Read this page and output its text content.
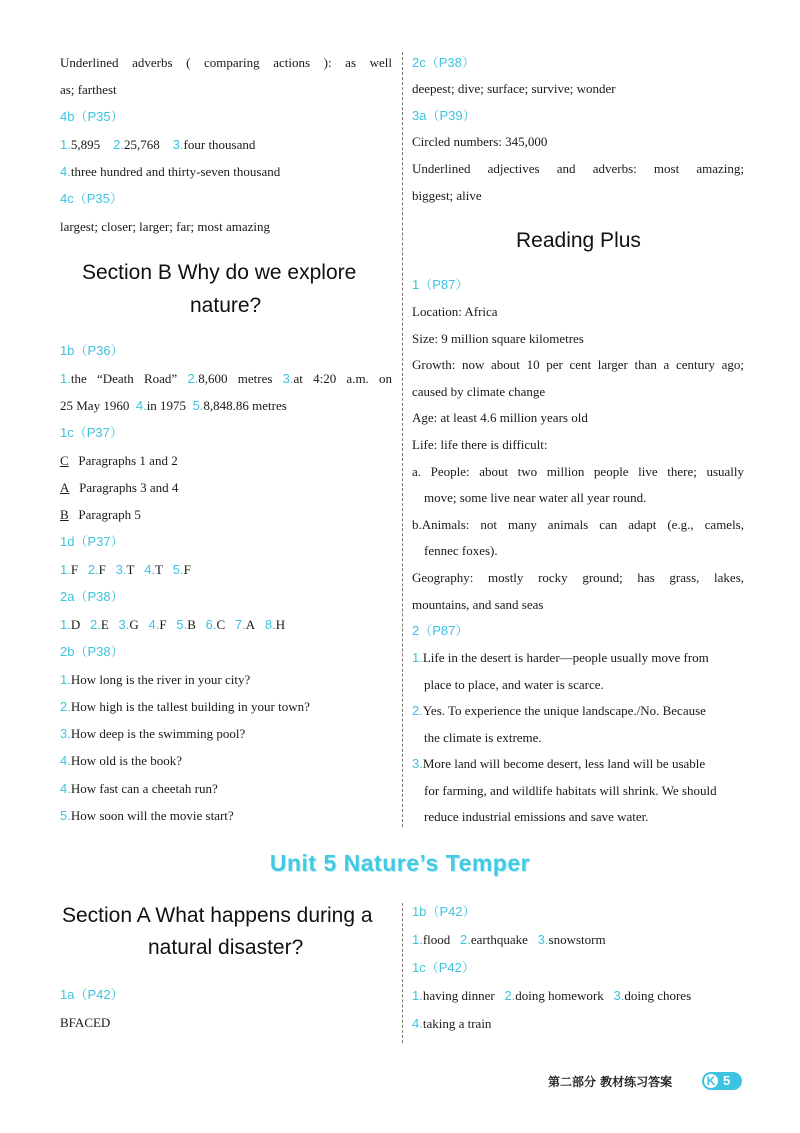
Underlined adverbs ( comparing actions ): as well
as; farthest
4b（P35）
1.5,895 2.25,768 3.four thousand
4.three hundred and thirty-seven thousand
4c（P35）
largest; closer; larger; far; most amazing
Section B Why do we explore
nature?
1b（P36）
1.the “Death Road” 2.8,600 metres 3.at 4:20 a.m. on
25 May 1960 4.in 1975 5.8,848.86 metres
1c（P37）
C Paragraphs 1 and 2
A Paragraphs 3 and 4
B Paragraph 5
1d（P37）
1.F 2.F 3.T 4.T 5.F
2a（P38）
1.D 2.E 3.G 4.F 5.B 6.C 7.A 8.H
2b（P38）
1.How long is the river in your city?
2.How high is the tallest building in your town?
3.How deep is the swimming pool?
4.How old is the book?
4.How fast can a cheetah run?
5.How soon will the movie start?
2c（P38）
deepest; dive; surface; survive; wonder
3a（P39）
Circled numbers: 345,000
Underlined adjectives and adverbs: most amazing;
biggest; alive
Reading Plus
1（P87）
Location: Africa
Size: 9 million square kilometres
Growth: now about 10 per cent larger than a century ago;
caused by climate change
Age: at least 4.6 million years old
Life: life there is difficult:
a. People: about two million people live there; usually
move; some live near water all year round.
b.Animals: not many animals can adapt (e.g., camels,
fennec foxes).
Geography: mostly rocky ground; has grass, lakes,
mountains, and sand seas
2（P87）
1.Life in the desert is harder—people usually move from
place to place, and water is scarce.
2.Yes. To experience the unique landscape./No. Because
the climate is extreme.
3.More land will become desert, less land will be usable
for farming, and wildlife habitats will shrink. We should
reduce industrial emissions and save water.
Unit 5 Nature’s Temper
Section A What happens during a
natural disaster?
1a（P42）
BFACED
1b（P42）
1.flood 2.earthquake 3.snowstorm
1c（P42）
1.having dinner 2.doing homework 3.doing chores
4.taking a train
第二部分 教材练习答案	K 5
